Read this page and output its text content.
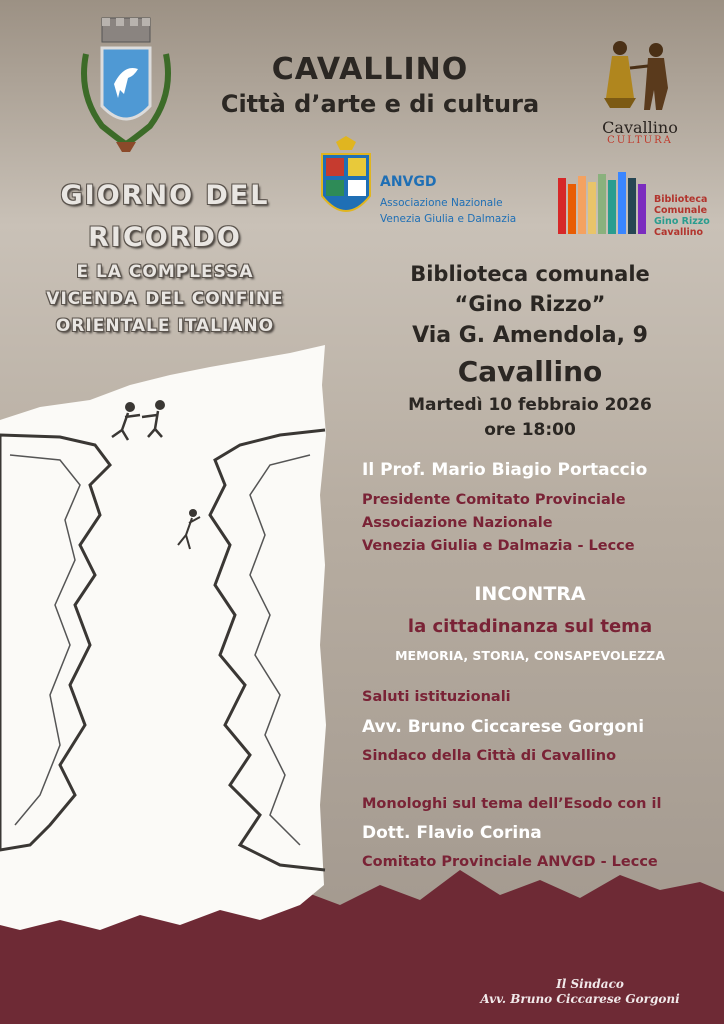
CAVALLINO
Città d’arte e di cultura
Cavallino
CULTURA
ANVGD
Associazione Nazionale
Venezia Giulia e Dalmazia
Biblioteca
Comunale
Gino Rizzo
Cavallino
GIORNO DEL
RICORDO
E LA COMPLESSA
VICENDA DEL CONFINE
ORIENTALE ITALIANO
Biblioteca comunale
“Gino Rizzo”
Via G. Amendola, 9
Cavallino
Martedì 10 febbraio 2026
ore 18:00
Il Prof. Mario Biagio Portaccio
Presidente Comitato Provinciale
Associazione Nazionale
Venezia Giulia e Dalmazia - Lecce
INCONTRA
la cittadinanza sul tema
MEMORIA, STORIA, CONSAPEVOLEZZA
Saluti istituzionali
Avv. Bruno Ciccarese Gorgoni
Sindaco della Città di Cavallino
Monologhi sul tema dell’Esodo con il
Dott. Flavio Corina
Comitato Provinciale ANVGD - Lecce
Il Sindaco
Avv. Bruno Ciccarese Gorgoni
